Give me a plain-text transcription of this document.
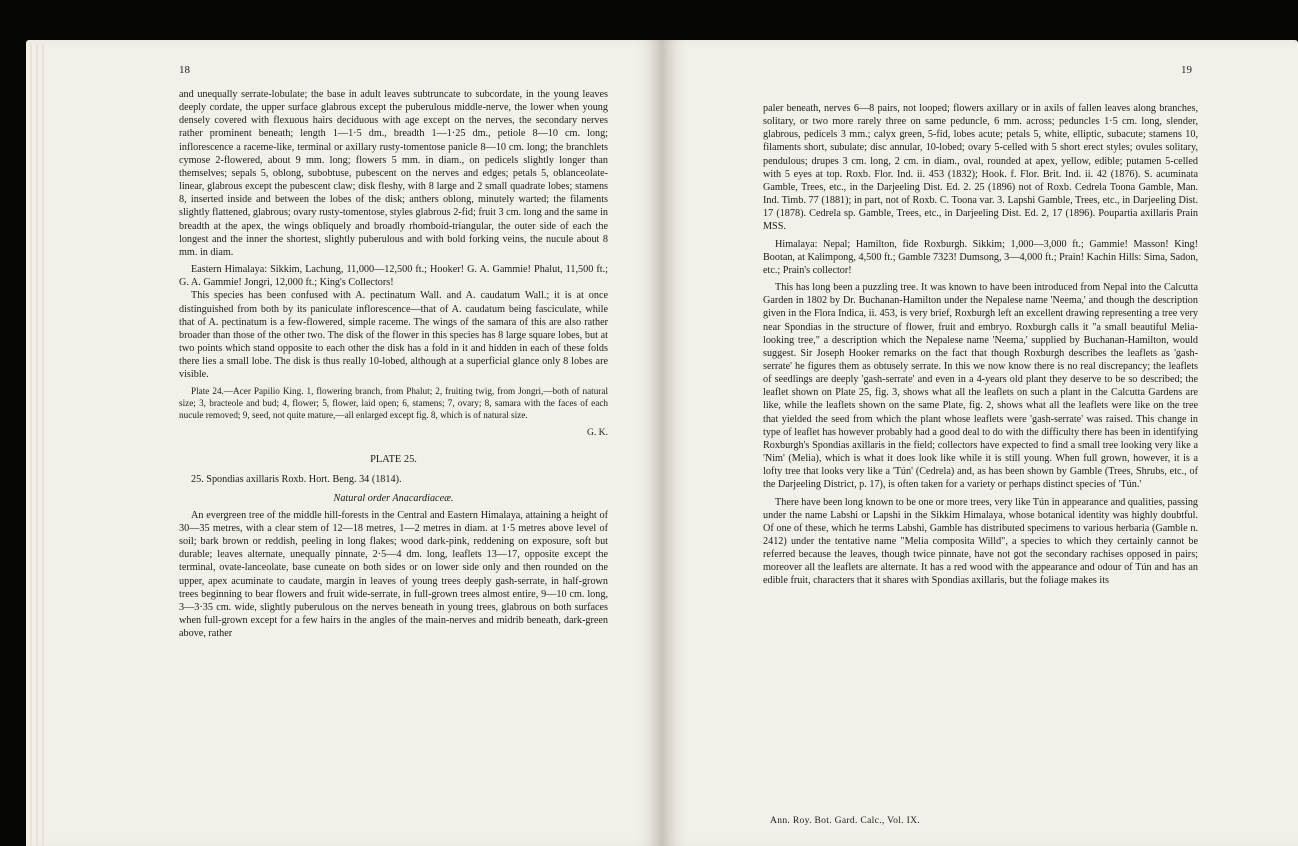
18	19

and unequally serrate-lobulate; the base in adult leaves subtruncate to subcordate, in the young leaves deeply cordate, the upper surface glabrous except the puberulous middle-nerve, the lower when young densely covered with flexuous hairs deciduous with age except on the nerves, the secondary nerves rather prominent beneath; length 1—1·5 dm., breadth 1—1·25 dm., petiole 8—10 cm. long; inflorescence a raceme-like, terminal or axillary rusty-tomentose panicle 8—10 cm. long; the branchlets cymose 2-flowered, about 9 mm. long; flowers 5 mm. in diam., on pedicels slightly longer than themselves; sepals 5, oblong, subobtuse, pubescent on the nerves and edges; petals 5, oblanceolate-linear, glabrous except the pubescent claw; disk fleshy, with 8 large and 2 small quadrate lobes; stamens 8, inserted inside and between the lobes of the disk; anthers oblong, minutely warted; the filaments slightly flattened, glabrous; ovary rusty-tomentose, styles glabrous 2-fid; fruit 3 cm. long and the same in breadth at the apex, the wings obliquely and broadly rhomboid-triangular, the outer side of each the longest and the inner the shortest, slightly puberulous and with bold forking veins, the nucule about 8 mm. in diam.

Eastern Himalaya: Sikkim, Lachung, 11,000—12,500 ft.; Hooker! G. A. Gammie! Phalut, 11,500 ft.; G. A. Gammie! Jongri, 12,000 ft.; King's Collectors!

This species has been confused with A. pectinatum Wall. and A. caudatum Wall.; it is at once distinguished from both by its paniculate inflorescence—that of A. caudatum being fasciculate, while that of A. pectinatum is a few-flowered, simple raceme. The wings of the samara of this are also rather broader than those of the other two. The disk of the flower in this species has 8 large square lobes, but at two points which stand opposite to each other the disk has a fold in it and hidden in each of these folds there lies a small lobe. The disk is thus really 10-lobed, although at a superficial glance only 8 lobes are visible.

Plate 24.—Acer Papilio King. 1, flowering branch, from Phalut; 2, fruiting twig, from Jongri,—both of natural size; 3, bracteole and bud; 4, flower; 5, flower, laid open; 6, stamens; 7, ovary; 8, samara with the faces of each nucule removed; 9, seed, not quite mature,—all enlarged except fig. 8, which is of natural size.

G. K.

PLATE 25.

25. Spondias axillaris Roxb. Hort. Beng. 34 (1814).

Natural order Anacardiaceæ.

An evergreen tree of the middle hill-forests in the Central and Eastern Himalaya, attaining a height of 30—35 metres, with a clear stem of 12—18 metres, 1—2 metres in diam. at 1·5 metres above level of soil; bark brown or reddish, peeling in long flakes; wood dark-pink, reddening on exposure, soft but durable; leaves alternate, unequally pinnate, 2·5—4 dm. long, leaflets 13—17, opposite except the terminal, ovate-lanceolate, base cuneate on both sides or on lower side only and then rounded on the upper, apex acuminate to caudate, margin in leaves of young trees deeply gash-serrate, in half-grown trees beginning to bear flowers and fruit wide-serrate, in full-grown trees almost entire, 9—10 cm. long, 3—3·35 cm. wide, slightly puberulous on the nerves beneath in young trees, glabrous on both surfaces when full-grown except for a few hairs in the angles of the main-nerves and midrib beneath, dark-green above, rather

paler beneath, nerves 6—8 pairs, not looped; flowers axillary or in axils of fallen leaves along branches, solitary, or two more rarely three on same peduncle, 6 mm. across; peduncles 1·5 cm. long, slender, glabrous, pedicels 3 mm.; calyx green, 5-fid, lobes acute; petals 5, white, elliptic, subacute; stamens 10, filaments short, subulate; disc annular, 10-lobed; ovary 5-celled with 5 short erect styles; ovules solitary, pendulous; drupes 3 cm. long, 2 cm. in diam., oval, rounded at apex, yellow, edible; putamen 5-celled with 5 eyes at top. Roxb. Flor. Ind. ii. 453 (1832); Hook. f. Flor. Brit. Ind. ii. 42 (1876). S. acuminata Gamble, Trees, etc., in the Darjeeling Dist. Ed. 2. 25 (1896) not of Roxb. Cedrela Toona Gamble, Man. Ind. Timb. 77 (1881); in part, not of Roxb. C. Toona var. 3. Lapshi Gamble, Trees, etc., in Darjeeling Dist. 17 (1878). Cedrela sp. Gamble, Trees, etc., in Darjeeling Dist. Ed. 2, 17 (1896). Poupartia axillaris Prain MSS.

Himalaya: Nepal; Hamilton, fide Roxburgh. Sikkim; 1,000—3,000 ft.; Gammie! Masson! King! Bootan, at Kalimpong, 4,500 ft.; Gamble 7323! Dumsong, 3—4,000 ft.; Prain! Kachin Hills: Sima, Sadon, etc.; Prain's collector!

This has long been a puzzling tree. It was known to have been introduced from Nepal into the Calcutta Garden in 1802 by Dr. Buchanan-Hamilton under the Nepalese name 'Neema,' and though the description given in the Flora Indica, ii. 453, is very brief, Roxburgh left an excellent drawing representing a tree very near Spondias in the structure of flower, fruit and embryo. Roxburgh calls it "a small beautiful Melia-looking tree," a description which the Nepalese name 'Neema,' supplied by Buchanan-Hamilton, would suggest. Sir Joseph Hooker remarks on the fact that though Roxburgh describes the leaflets as 'gash-serrate' he figures them as obtusely serrate. In this we now know there is no real discrepancy; the leaflets of seedlings are deeply 'gash-serrate' and even in a 4-years old plant they deserve to be so described; the leaflet shown on Plate 25, fig. 3, shows what all the leaflets on such a plant in the Calcutta Gardens are like, while the leaflets shown on the same Plate, fig. 2, shows what all the leaflets were like on the tree that yielded the seed from which the plant whose leaflets were 'gash-serrate' was raised. This change in type of leaflet has however probably had a good deal to do with the difficulty there has been in identifying Roxburgh's Spondias axillaris in the field; collectors have expected to find a small tree looking very like a 'Nim' (Melia), which is what it does look like while it is still young. When full grown, however, it is a lofty tree that looks very like a 'Tún' (Cedrela) and, as has been shown by Gamble (Trees, Shrubs, etc., of the Darjeeling District, p. 17), is often taken for a variety or perhaps distinct species of 'Tún.'

There have been long known to be one or more trees, very like Tún in appearance and qualities, passing under the name Labshi or Lapshi in the Sikkim Himalaya, whose botanical identity was highly doubtful. Of one of these, which he terms Labshi, Gamble has distributed specimens to various herbaria (Gamble n. 2412) under the tentative name "Melia composita Willd", a species to which they certainly cannot be referred because the leaves, though twice pinnate, have not got the secondary rachises opposed in pairs; moreover all the leaflets are alternate. It has a red wood with the appearance and odour of Tún and has an edible fruit, characters that it shares with Spondias axillaris, but the foliage makes its

Ann. Roy. Bot. Gard. Calc., Vol. IX.
